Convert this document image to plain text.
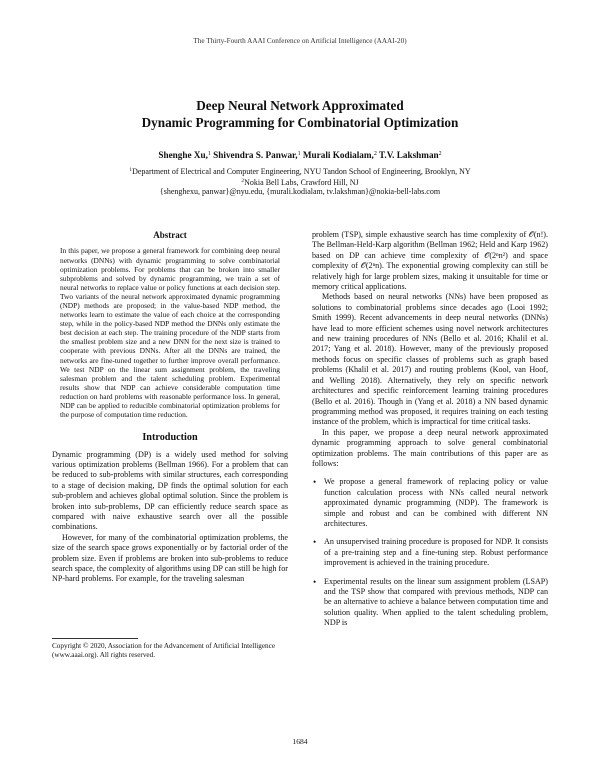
The Thirty-Fourth AAAI Conference on Artificial Intelligence (AAAI-20)
Deep Neural Network Approximated
Dynamic Programming for Combinatorial Optimization
Shenghe Xu,$^1$ Shivendra S. Panwar,$^1$ Murali Kodialam,$^2$ T.V. Lakshman$^2$
$^1$Department of Electrical and Computer Engineering, NYU Tandon School of Engineering, Brooklyn, NY
$^2$Nokia Bell Labs, Crawford Hill, NJ
{shenghexu, panwar}@nyu.edu, {murali.kodialam, tv.lakshman}@nokia-bell-labs.com
Abstract
In this paper, we propose a general framework for combining deep neural networks (DNNs) with dynamic programming to solve combinatorial optimization problems. For problems that can be broken into smaller subproblems and solved by dynamic programming, we train a set of neural networks to replace value or policy functions at each decision step. Two variants of the neural network approximated dynamic programming (NDP) methods are proposed; in the value-based NDP method, the networks learn to estimate the value of each choice at the corresponding step, while in the policy-based NDP method the DNNs only estimate the best decision at each step. The training procedure of the NDP starts from the smallest problem size and a new DNN for the next size is trained to cooperate with previous DNNs. After all the DNNs are trained, the networks are fine-tuned together to further improve overall performance. We test NDP on the linear sum assignment problem, the traveling salesman problem and the talent scheduling problem. Experimental results show that NDP can achieve considerable computation time reduction on hard problems with reasonable performance loss. In general, NDP can be applied to reducible combinatorial optimization problems for the purpose of computation time reduction.
Introduction

Dynamic programming (DP) is a widely used method for solving various optimization problems (Bellman 1966). For a problem that can be reduced to sub-problems with similar structures, each corresponding to a stage of decision making, DP finds the optimal solution for each sub-problem and achieves global optimal solution. Since the problem is broken into sub-problems, DP can efficiently reduce search space as compared with naive exhaustive search over all the possible combinations.

However, for many of the combinatorial optimization problems, the size of the search space grows exponentially or by factorial order of the problem size. Even if problems are broken into sub-problems to reduce search space, the complexity of algorithms using DP can still be high for NP-hard problems. For example, for the traveling salesman

Copyright © 2020, Association for the Advancement of Artificial Intelligence (www.aaai.org). All rights reserved.

problem (TSP), simple exhaustive search has time complexity of 𝒪(n!). The Bellman-Held-Karp algorithm (Bellman 1962; Held and Karp 1962) based on DP can achieve time complexity of 𝒪(2ⁿn²) and space complexity of 𝒪(2ⁿn). The exponential growing complexity can still be relatively high for large problem sizes, making it unsuitable for time or memory critical applications.

Methods based on neural networks (NNs) have been proposed as solutions to combinatorial problems since decades ago (Looi 1992; Smith 1999). Recent advancements in deep neural networks (DNNs) have lead to more efficient schemes using novel network architectures and new training procedures of NNs (Bello et al. 2016; Khalil et al. 2017; Yang et al. 2018). However, many of the previously proposed methods focus on specific classes of problems such as graph based problems (Khalil et al. 2017) and routing problems (Kool, van Hoof, and Welling 2018). Alternatively, they rely on specific network architectures and specific reinforcement learning training procedures (Bello et al. 2016). Though in (Yang et al. 2018) a NN based dynamic programming method was proposed, it requires training on each testing instance of the problem, which is impractical for time critical tasks.

In this paper, we propose a deep neural network approximated dynamic programming approach to solve general combinatorial optimization problems. The main contributions of this paper are as follows:

• We propose a general framework of replacing policy or value function calculation process with NNs called neural network approximated dynamic programming (NDP). The framework is simple and robust and can be combined with different NN architectures.
• An unsupervised training procedure is proposed for NDP. It consists of a pre-training step and a fine-tuning step. Robust performance improvement is achieved in the training procedure.
• Experimental results on the linear sum assignment problem (LSAP) and the TSP show that compared with previous methods, NDP can be an alternative to achieve a balance between computation time and solution quality. When applied to the talent scheduling problem, NDP is
1684
